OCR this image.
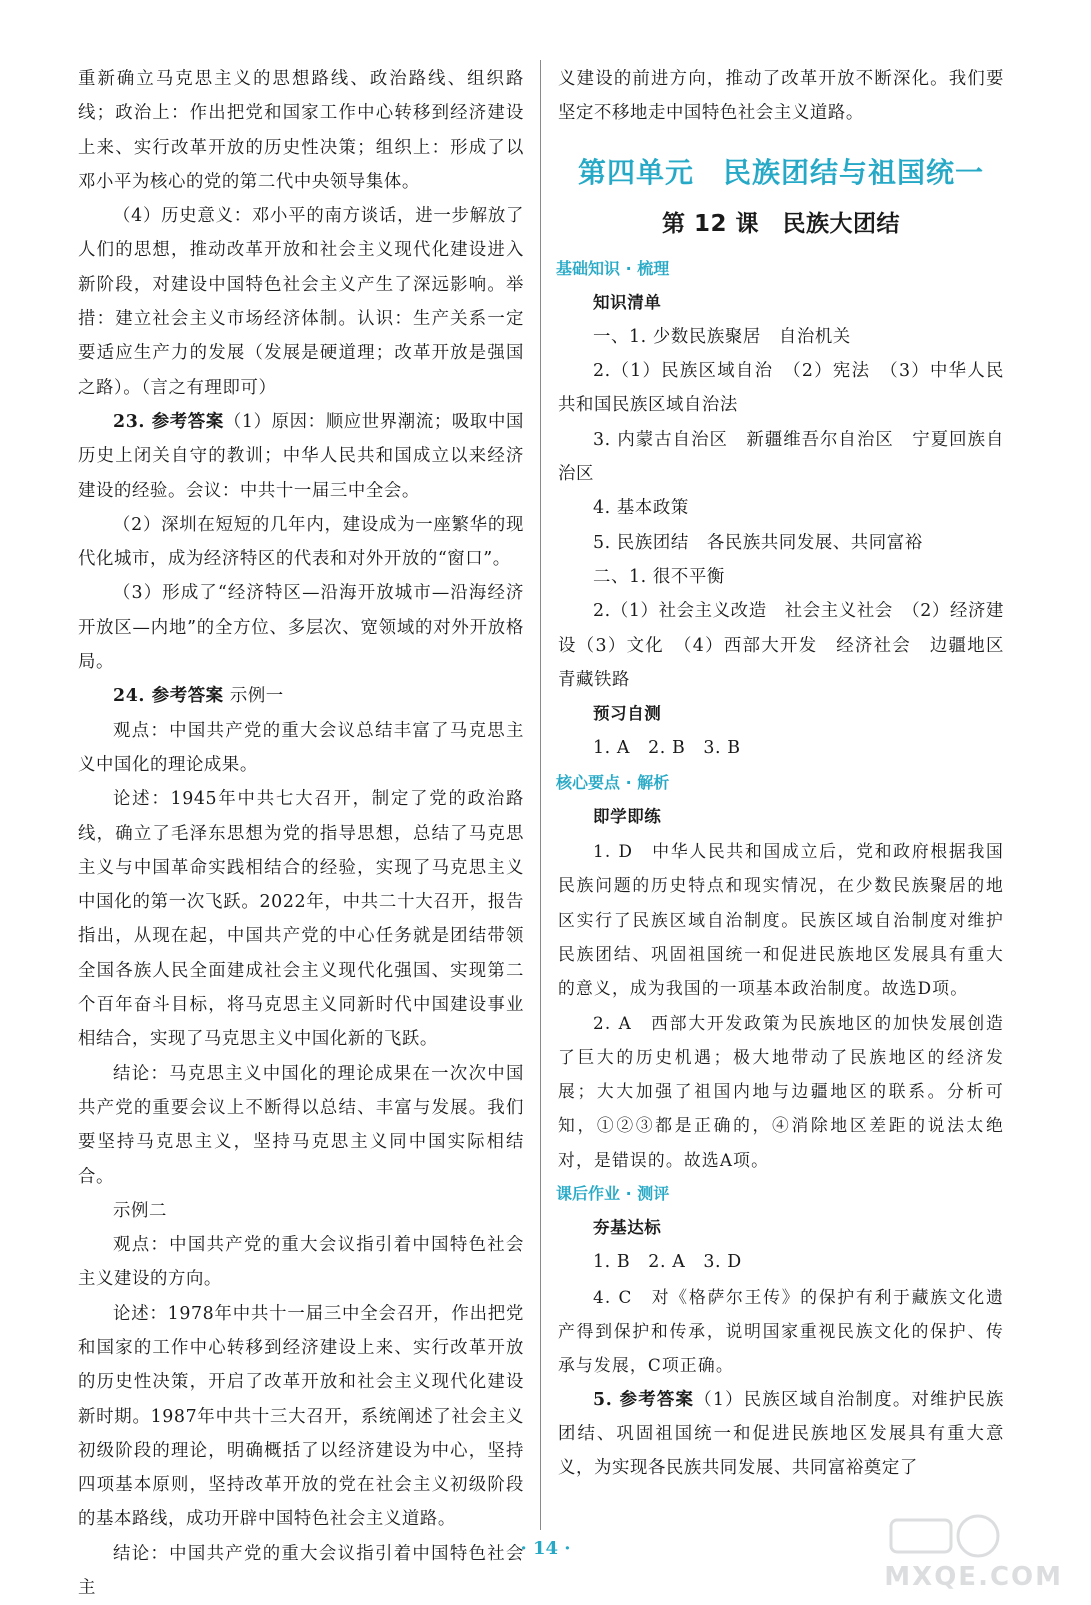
重新确立马克思主义的思想路线、政治路线、组织路线；政治上：作出把党和国家工作中心转移到经济建设上来、实行改革开放的历史性决策；组织上：形成了以邓小平为核心的党的第二代中央领导集体。

（4）历史意义：邓小平的南方谈话，进一步解放了人们的思想，推动改革开放和社会主义现代化建设进入新阶段，对建设中国特色社会主义产生了深远影响。举措：建立社会主义市场经济体制。认识：生产关系一定要适应生产力的发展（发展是硬道理；改革开放是强国之路）。（言之有理即可）

23. 参考答案（1）原因：顺应世界潮流；吸取中国历史上闭关自守的教训；中华人民共和国成立以来经济建设的经验。会议：中共十一届三中全会。

（2）深圳在短短的几年内，建设成为一座繁华的现代化城市，成为经济特区的代表和对外开放的“窗口”。

（3）形成了“经济特区—沿海开放城市—沿海经济开放区—内地”的全方位、多层次、宽领域的对外开放格局。

24. 参考答案 示例一

观点：中国共产党的重大会议总结丰富了马克思主义中国化的理论成果。

论述：1945年中共七大召开，制定了党的政治路线，确立了毛泽东思想为党的指导思想，总结了马克思主义与中国革命实践相结合的经验，实现了马克思主义中国化的第一次飞跃。2022年，中共二十大召开，报告指出，从现在起，中国共产党的中心任务就是团结带领全国各族人民全面建成社会主义现代化强国、实现第二个百年奋斗目标，将马克思主义同新时代中国建设事业相结合，实现了马克思主义中国化新的飞跃。

结论：马克思主义中国化的理论成果在一次次中国共产党的重要会议上不断得以总结、丰富与发展。我们要坚持马克思主义，坚持马克思主义同中国实际相结合。

示例二

观点：中国共产党的重大会议指引着中国特色社会主义建设的方向。

论述：1978年中共十一届三中全会召开，作出把党和国家的工作中心转移到经济建设上来、实行改革开放的历史性决策，开启了改革开放和社会主义现代化建设新时期。1987年中共十三大召开，系统阐述了社会主义初级阶段的理论，明确概括了以经济建设为中心，坚持四项基本原则，坚持改革开放的党在社会主义初级阶段的基本路线，成功开辟中国特色社会主义道路。

结论：中国共产党的重大会议指引着中国特色社会主

义建设的前进方向，推动了改革开放不断深化。我们要坚定不移地走中国特色社会主义道路。

第四单元　民族团结与祖国统一
第 12 课　民族大团结
基础知识 · 梳理

知识清单

一、1. 少数民族聚居　自治机关

2.（1）民族区域自治　（2）宪法　（3）中华人民共和国民族区域自治法

3. 内蒙古自治区　新疆维吾尔自治区　宁夏回族自治区

4. 基本政策

5. 民族团结　各民族共同发展、共同富裕

二、1. 很不平衡

2.（1）社会主义改造　社会主义社会　（2）经济建设（3）文化　（4）西部大开发　经济社会　边疆地区　青藏铁路

预习自测

1. A　2. B　3. B

核心要点 · 解析

即学即练

1. D　中华人民共和国成立后，党和政府根据我国民族问题的历史特点和现实情况，在少数民族聚居的地区实行了民族区域自治制度。民族区域自治制度对维护民族团结、巩固祖国统一和促进民族地区发展具有重大的意义，成为我国的一项基本政治制度。故选D项。

2. A　西部大开发政策为民族地区的加快发展创造了巨大的历史机遇；极大地带动了民族地区的经济发展；大大加强了祖国内地与边疆地区的联系。分析可知，①②③都是正确的，④消除地区差距的说法太绝对，是错误的。故选A项。

课后作业 · 测评

夯基达标

1. B　2. A　3. D

4. C　对《格萨尔王传》的保护有利于藏族文化遗产得到保护和传承，说明国家重视民族文化的保护、传承与发展，C项正确。

5. 参考答案（1）民族区域自治制度。对维护民族团结、巩固祖国统一和促进民族地区发展具有重大意义，为实现各民族共同发展、共同富裕奠定了

· 14 ·
MXQE.COM
